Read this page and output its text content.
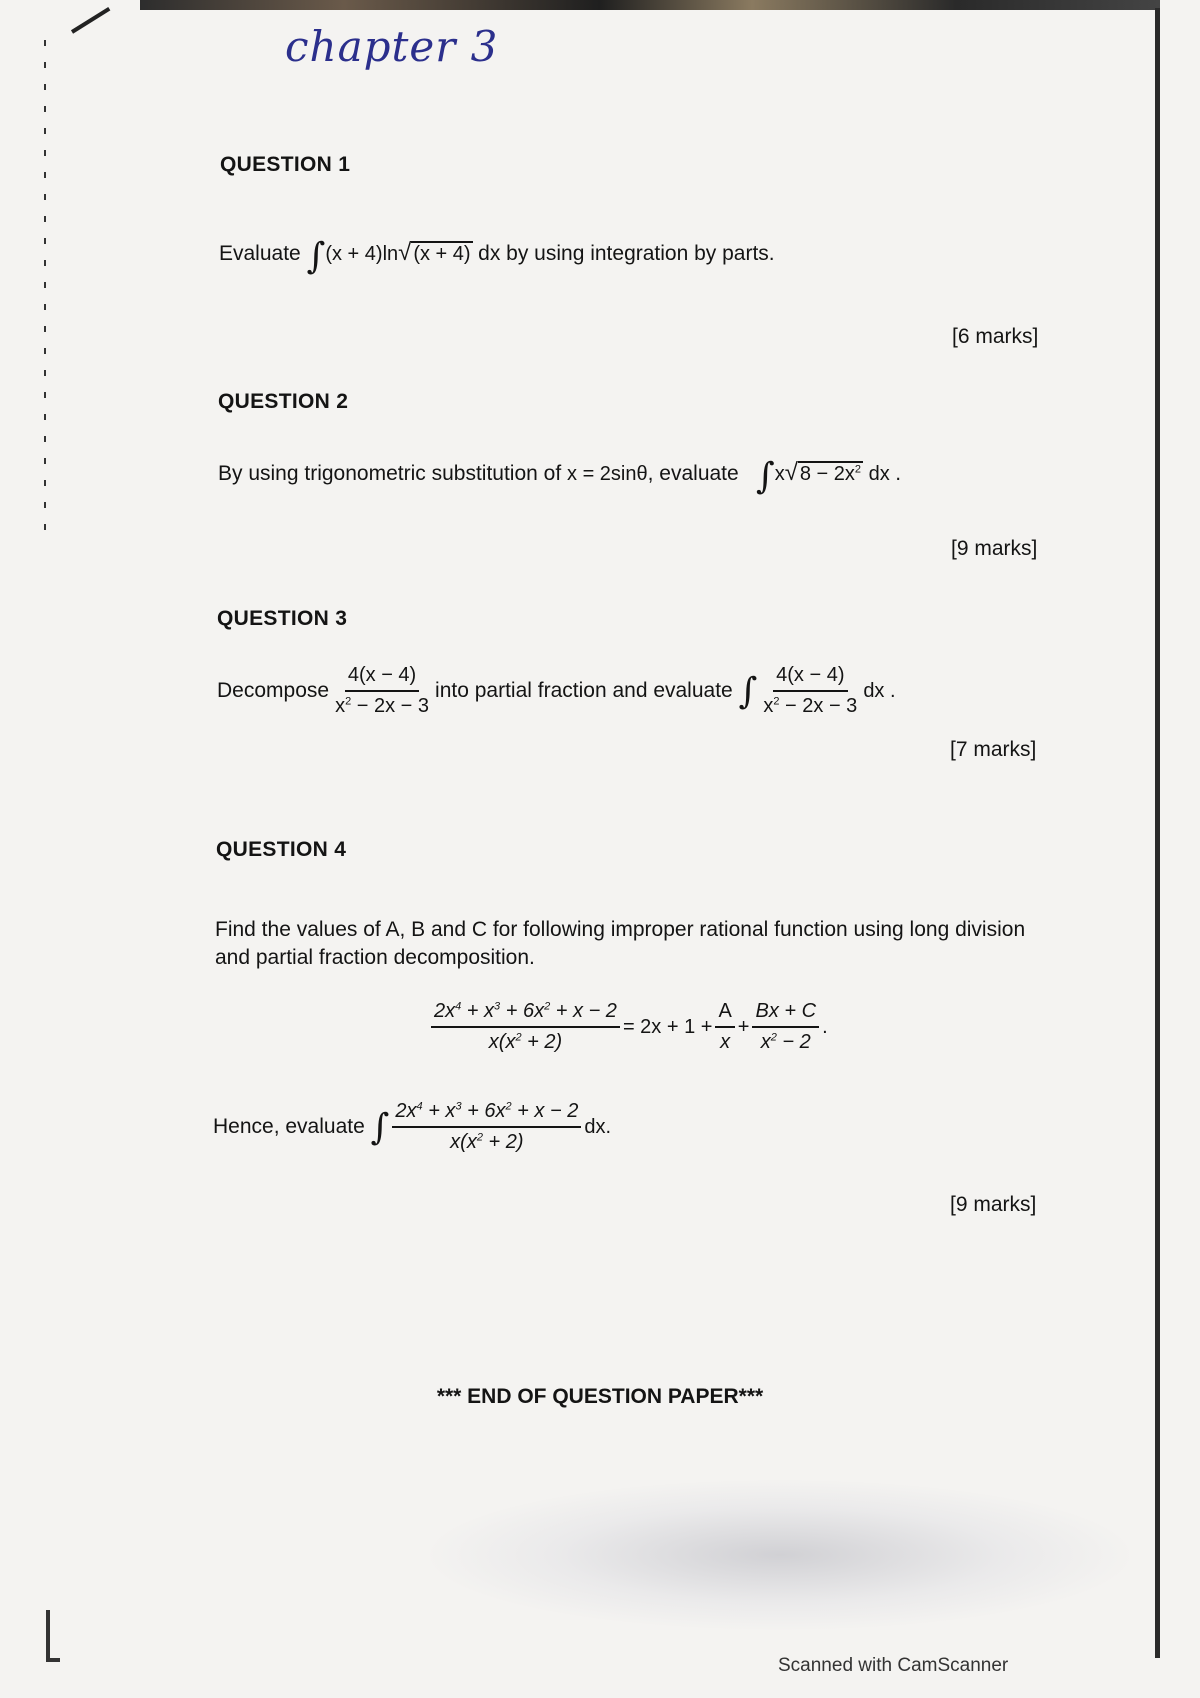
chapter 3
QUESTION 1
Evaluate ∫(x + 4)ln√ (x + 4) dx by using integration by parts.
[6 marks]
QUESTION 2
By using trigonometric substitution of x = 2sinθ, evaluate ∫x√ $8 - 2x^2$ dx .
[9 marks]
QUESTION 3
Decompose $\frac{4(x - 4)}{x^2 - 2x - 3}$ into partial fraction and evaluate
∫ $\frac{4(x - 4)}{x^2 - 2x - 3}$ dx .
[7 marks]
QUESTION 4
Find the values of A, B and C for following improper rational function using long division
and partial fraction decomposition.
$\frac{2x^4 + x^3 + 6x^2 + x - 2}{x(x^2 + 2)} = 2x + 1 + \frac{A}{x} + \frac{Bx + C}{x^2 - 2}$ .
Hence, evaluate
∫ $\frac{2x^4 + x^3 + 6x^2 + x - 2}{x(x^2 + 2)}$ dx.
[9 marks]
*** END OF QUESTION PAPER***
Scanned with CamScanner
